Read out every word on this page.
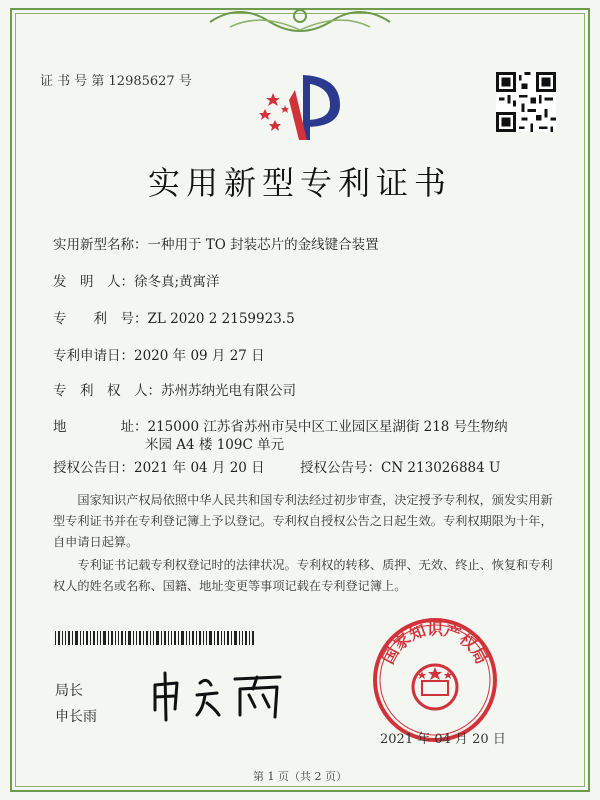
证 书 号 第 12985627 号
实用新型专利证书
实用新型名称：一种用于 TO 封装芯片的金线键合装置
发　明　人：徐冬真;黄寓洋
专　　利　号：ZL 2020 2 2159923.5
专利申请日：2020 年 09 月 27 日
专　利　权　人：苏州苏纳光电有限公司
地　　　　址：215000 江苏省苏州市吴中区工业园区星湖街 218 号生物纳
米园 A4 楼 109C 单元
授权公告日：2021 年 04 月 20 日	授权公告号：CN 213026884 U
国家知识产权局依照中华人民共和国专利法经过初步审查，决定授予专利权，颁发实用新型专利证书并在专利登记簿上予以登记。专利权自授权公告之日起生效。专利权期限为十年，自申请日起算。
专利证书记载专利权登记时的法律状况。专利权的转移、质押、无效、终止、恢复和专利权人的姓名或名称、国籍、地址变更等事项记载在专利登记簿上。
局长
申长雨
国家知识产权局
2021 年 04 月 20 日
第 1 页（共 2 页）
